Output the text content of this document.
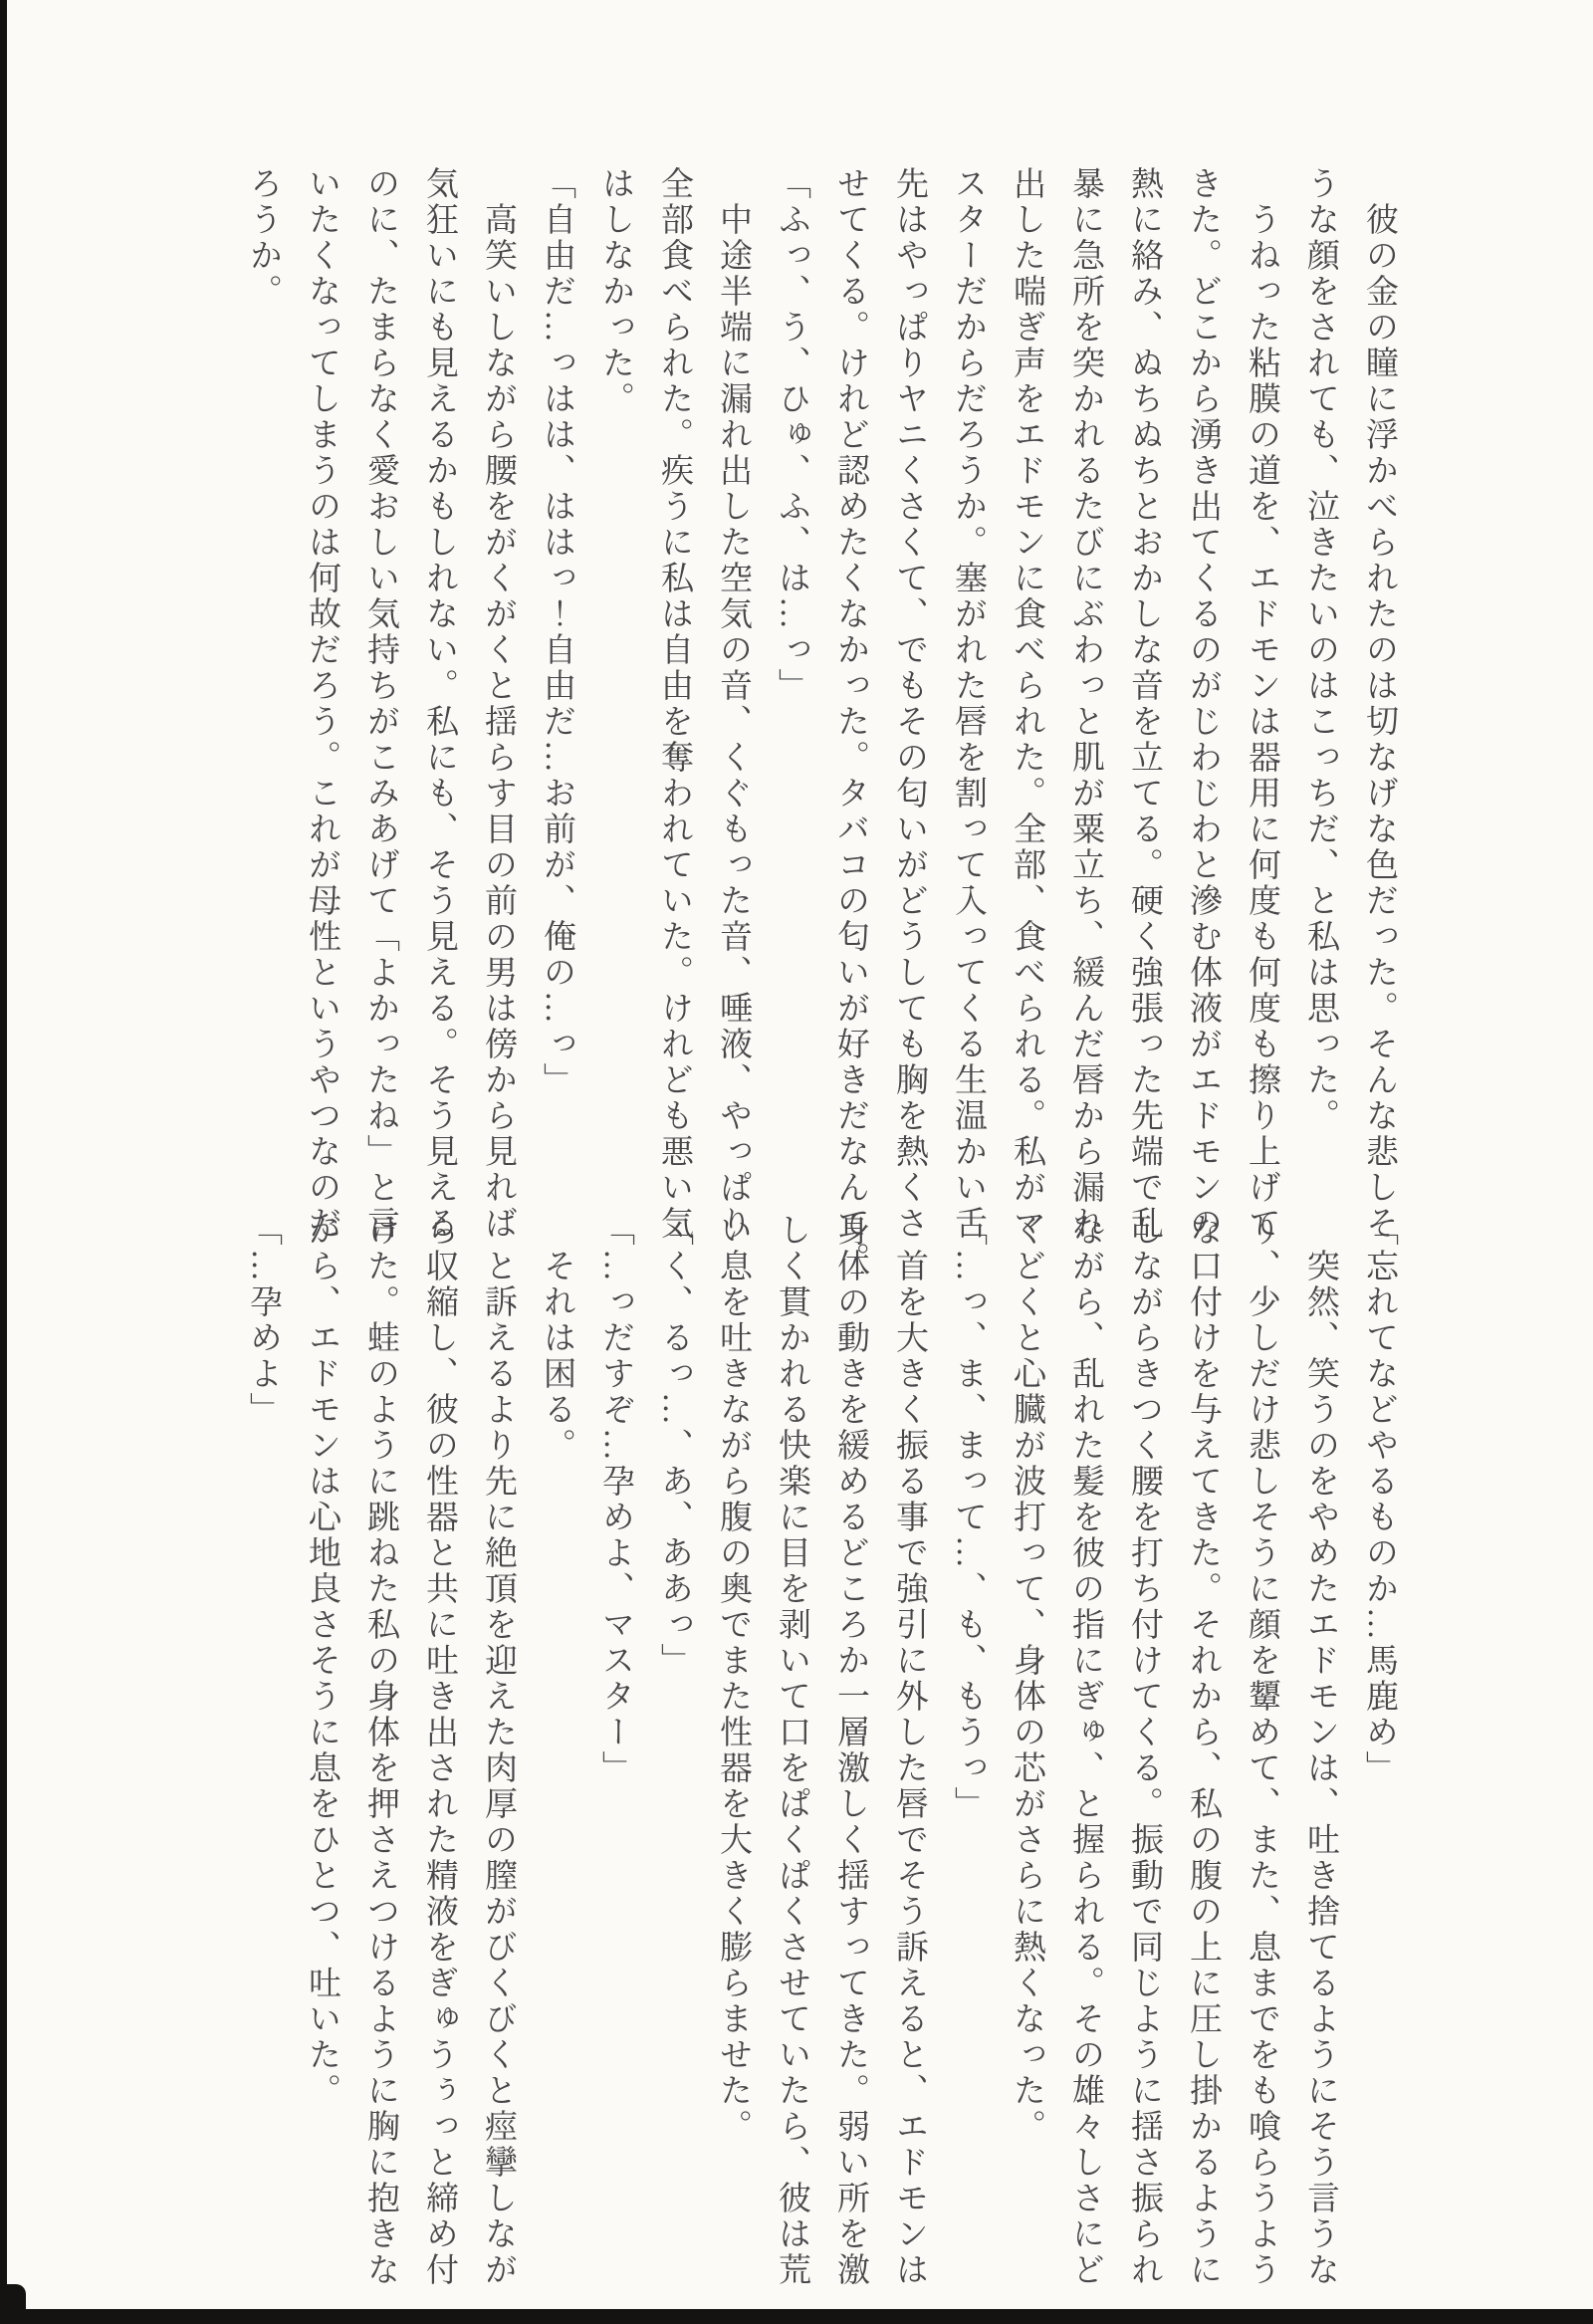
彼の金の瞳に浮かべられたのは切なげな色だった。そんな悲しそ

うな顔をされても、泣きたいのはこっちだ、と私は思った。

うねった粘膜の道を、エドモンは器用に何度も何度も擦り上げて

きた。どこから湧き出てくるのがじわじわと滲む体液がエドモンの

熱に絡み、ぬちぬちとおかしな音を立てる。硬く強張った先端で乱

暴に急所を突かれるたびにぶわっと肌が粟立ち、緩んだ唇から漏れ

出した喘ぎ声をエドモンに食べられた。全部、食べられる。私がマ

スターだからだろうか。塞がれた唇を割って入ってくる生温かい舌

先はやっぱりヤニくさくて、でもその匂いがどうしても胸を熱くさ

せてくる。けれど認めたくなかった。タバコの匂いが好きだなんて。

「ふっ、う、ひゅ、ふ、は…っ」

中途半端に漏れ出した空気の音、くぐもった音、唾液、やっぱり

全部食べられた。疾うに私は自由を奪われていた。けれども悪い気

はしなかった。

「自由だ…っはは、ははっ！自由だ…お前が、俺の…っ」

高笑いしながら腰をがくがくと揺らす目の前の男は傍から見れば

気狂いにも見えるかもしれない。私にも、そう見える。そう見える

のに、たまらなく愛おしい気持ちがこみあげて「よかったね」と言

いたくなってしまうのは何故だろう。これが母性というやつなのだ

ろうか。

「忘れてなどやるものか…馬鹿め」

突然、笑うのをやめたエドモンは、吐き捨てるようにそう言うな

り、少しだけ悲しそうに顔を顰めて、また、息までをも喰らうよう

な口付けを与えてきた。それから、私の腹の上に圧し掛かるように

しながらきつく腰を打ち付けてくる。振動で同じように揺さ振られ

ながら、乱れた髪を彼の指にぎゅ、と握られる。その雄々しさにど

くどくと心臓が波打って、身体の芯がさらに熱くなった。

「…っ、ま、まって…、も、もうっ」

首を大きく振る事で強引に外した唇でそう訴えると、エドモンは

身体の動きを緩めるどころか一層激しく揺すってきた。弱い所を激

しく貫かれる快楽に目を剥いて口をぱくぱくさせていたら、彼は荒

い息を吐きながら腹の奥でまた性器を大きく膨らませた。

「く、るっ…、あ、ああっ」

「…っだすぞ…孕めよ、マスター」

それは困る。

と訴えるより先に絶頂を迎えた肉厚の膣がびくびくと痙攣しなが

ら収縮し、彼の性器と共に吐き出された精液をぎゅうぅっと締め付

けた。蛙のように跳ねた私の身体を押さえつけるように胸に抱きな

がら、エドモンは心地良さそうに息をひとつ、吐いた。

「…孕めよ」
